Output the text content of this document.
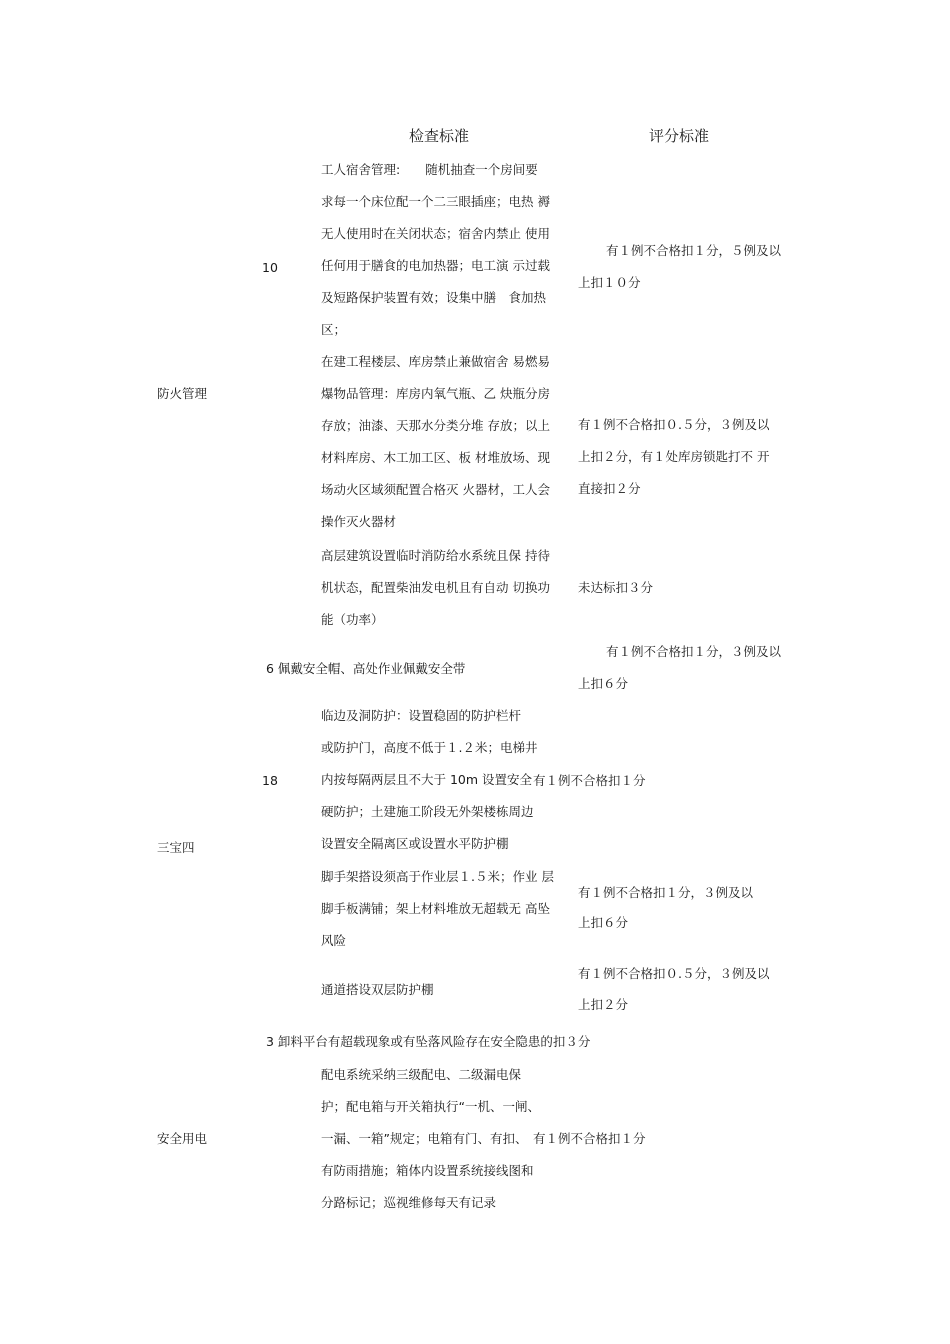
检查标准	评分标准
防火管理
10
工人宿舍管理:　　随机抽查一个房间要
求每一个床位配一个二三眼插座；电热 褥
无人使用时在关闭状态；宿舍内禁止 使用
任何用于膳食的电加热器；电工演 示过载
及短路保护装置有效；设集中膳　食加热
区；
有１例不合格扣１分，５例及以
上扣１０分
在建工程楼层、库房禁止兼做宿舍 易燃易
爆物品管理：库房内氧气瓶、乙 炔瓶分房
存放；油漆、天那水分类分堆 存放；以上
材料库房、木工加工区、板 材堆放场、现
场动火区域须配置合格灭 火器材，工人会
操作灭火器材
有１例不合格扣０.５分，３例及以
上扣２分，有１处库房锁匙打不 开
直接扣２分
高层建筑设置临时消防给水系统且保 持待
机状态，配置柴油发电机且有自动 切换功
能（功率）
未达标扣３分
6 佩戴安全帽、高处作业佩戴安全带
有１例不合格扣１分，３例及以
上扣６分
三宝四
18
临边及洞防护：设置稳固的防护栏杆
或防护门，高度不低于１.２米；电梯井
内按每隔两层且不大于 10m 设置安全
硬防护；土建施工阶段无外架楼栋周边
设置安全隔离区或设置水平防护棚
有１例不合格扣１分
脚手架搭设须高于作业层１.５米；作业 层
脚手板满铺；架上材料堆放无超载无 高坠
风险
有１例不合格扣１分，３例及以
上扣６分
通道搭设双层防护棚
有１例不合格扣０.５分，３例及以
上扣２分
3 卸料平台有超载现象或有坠落风险存在安全隐患的扣３分
安全用电
配电系统采纳三级配电、二级漏电保
护；配电箱与开关箱执行“一机、一闸、
一漏、一箱”规定；电箱有门、有扣、
有防雨措施；箱体内设置系统接线图和
分路标记；巡视维修每天有记录
有１例不合格扣１分
